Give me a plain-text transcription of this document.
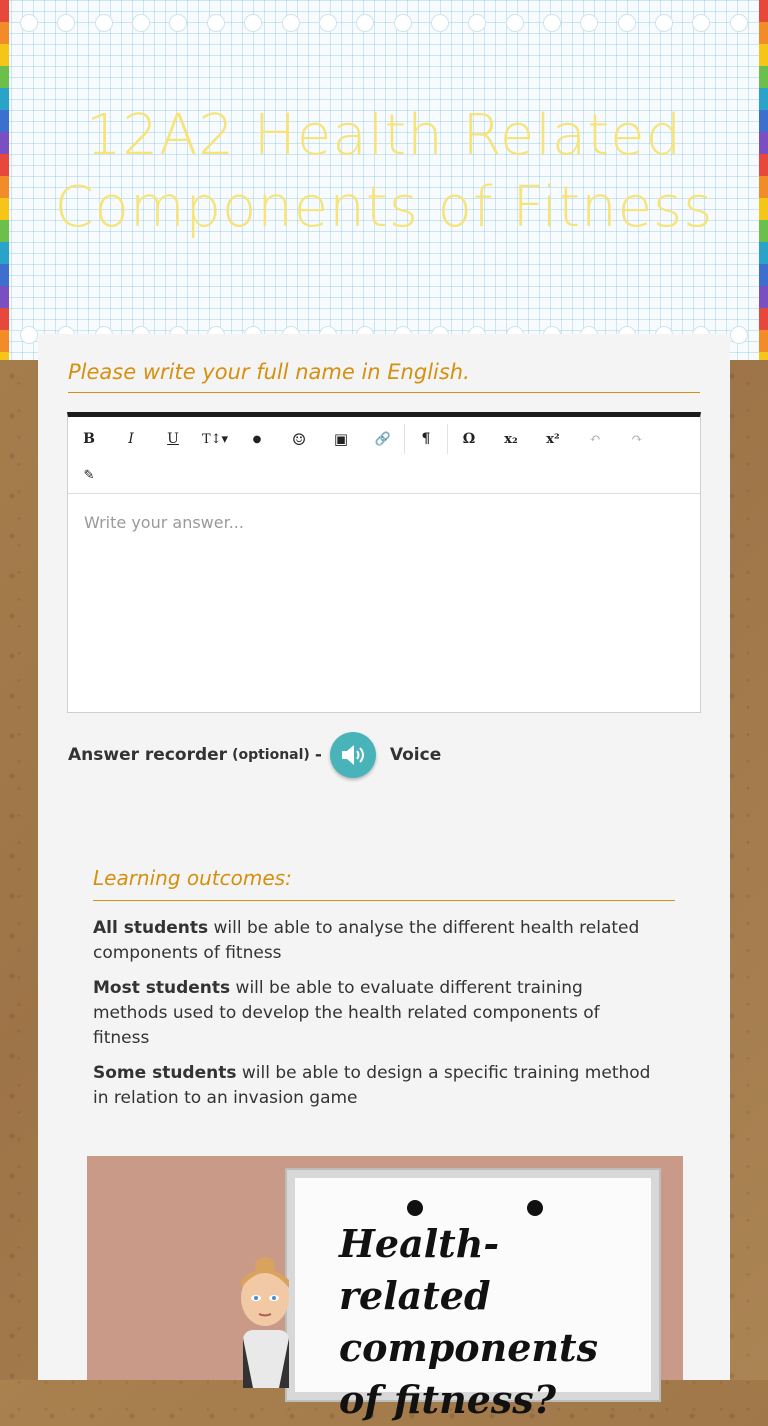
12A2 Health Related Components of Fitness
Please write your full name in English.
B	I	U	T↕▾	●	☺	▣	🔗	¶	Ω	x₂	x²	↶	↷
✎
Write your answer...
Answer recorder (optional) -	Voice
Learning outcomes:
All students will be able to analyse the different health related components of fitness
Most students will be able to evaluate different training methods used to develop the health related components of fitness
Some students will be able to design a specific training method in relation to an invasion game
Health-related components of fitness?
